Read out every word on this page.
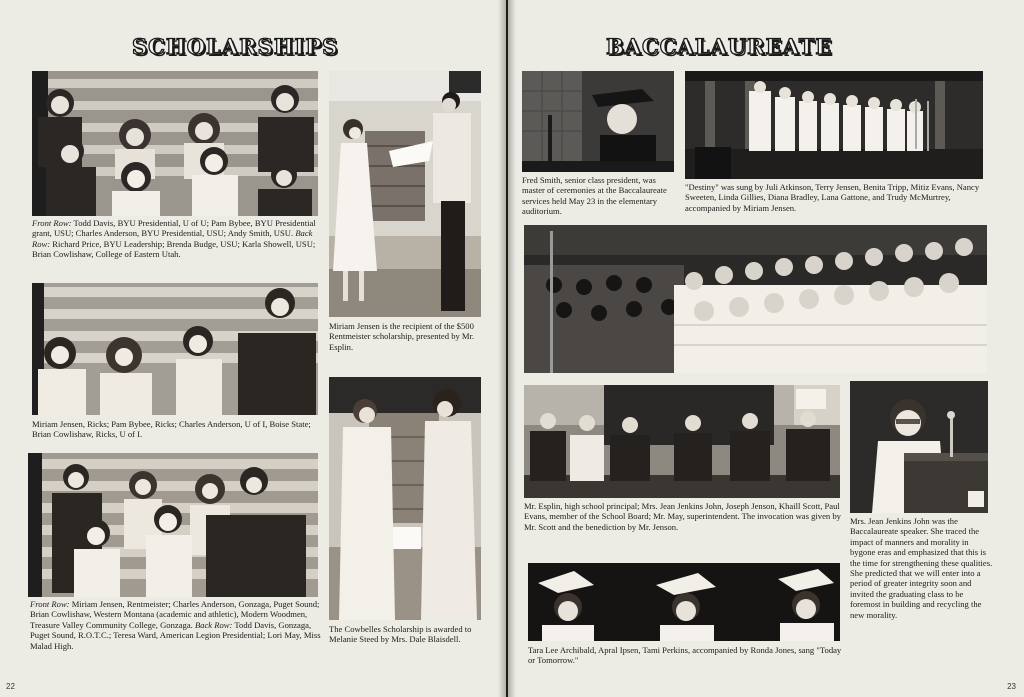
SCHOLARSHIPS
Front Row: Todd Davis, BYU Presidential, U of U; Pam Bybee, BYU Presidential grant, USU; Charles Anderson, BYU Presidential, USU; Andy Smith, USU. Back Row: Richard Price, BYU Leadership; Brenda Budge, USU; Karla Showell, USU; Brian Cowlishaw, College of Eastern Utah.
Miriam Jensen is the recipient of the $500 Rentmeister scholarship, presented by Mr. Esplin.
Miriam Jensen, Ricks; Pam Bybee, Ricks; Charles Anderson, U of I, Boise State; Brian Cowlishaw, Ricks, U of I.
Front Row: Miriam Jensen, Rentmeister; Charles Anderson, Gonzaga, Puget Sound; Brian Cowlishaw, Western Montana (academic and athletic), Modern Woodmen, Treasure Valley Community College, Gonzaga. Back Row: Todd Davis, Gonzaga, Puget Sound, R.O.T.C.; Teresa Ward, American Legion Presidential; Lori May, Miss Malad High.
The Cowbelles Scholarship is awarded to Melanie Steed by Mrs. Dale Blaisdell.
22
BACCALAUREATE
Fred Smith, senior class president, was master of ceremonies at the Baccalaureate services held May 23 in the elementary auditorium.
"Destiny" was sung by Juli Atkinson, Terry Jensen, Benita Tripp, Mitiz Evans, Nancy Sweeten, Linda Gillies, Diana Bradley, Lana Gattone, and Trudy McMurtrey, accompanied by Miriam Jensen.
Mr. Esplin, high school principal; Mrs. Jean Jenkins John, Joseph Jenson, Khaill Scott, Paul Evans, member of the School Board; Mr. May, superintendent. The invocation was given by Mr. Scott and the benediction by Mr. Jenson.
Mrs. Jean Jenkins John was the Baccalaureate speaker. She traced the impact of manners and morality in bygone eras and emphasized that this is the time for strengthening these qualities. She predicted that we will enter into a period of greater integrity soon and invited the graduating class to be foremost in building and recycling the new morality.
Tara Lee Archibald, Apral Ipsen, Tami Perkins, accompanied by Ronda Jones, sang "Today or Tomorrow."
23
